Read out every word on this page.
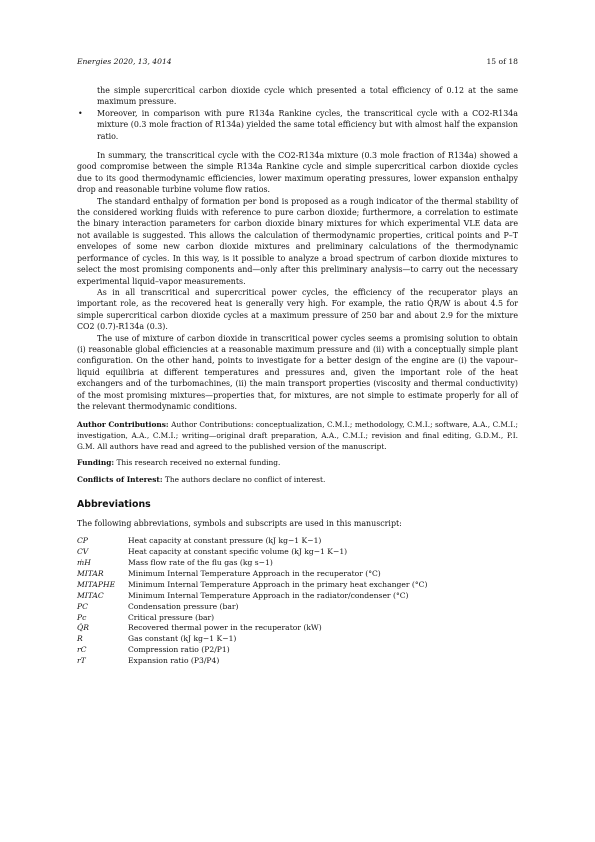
Energies 2020, 13, 4014	15 of 18

the simple supercritical carbon dioxide cycle which presented a total efficiency of 0.12 at the same maximum pressure.

• Moreover, in comparison with pure R134a Rankine cycles, the transcritical cycle with a CO2-R134a mixture (0.3 mole fraction of R134a) yielded the same total efficiency but with almost half the expansion ratio.

In summary, the transcritical cycle with the CO2-R134a mixture (0.3 mole fraction of R134a) showed a good compromise between the simple R134a Rankine cycle and simple supercritical carbon dioxide cycles due to its good thermodynamic efficiencies, lower maximum operating pressures, lower expansion enthalpy drop and reasonable turbine volume flow ratios.

The standard enthalpy of formation per bond is proposed as a rough indicator of the thermal stability of the considered working fluids with reference to pure carbon dioxide; furthermore, a correlation to estimate the binary interaction parameters for carbon dioxide binary mixtures for which experimental VLE data are not available is suggested. This allows the calculation of thermodynamic properties, critical points and P–T envelopes of some new carbon dioxide mixtures and preliminary calculations of the thermodynamic performance of cycles. In this way, is it possible to analyze a broad spectrum of carbon dioxide mixtures to select the most promising components and—only after this preliminary analysis—to carry out the necessary experimental liquid–vapor measurements.

As in all transcritical and supercritical power cycles, the efficiency of the recuperator plays an important role, as the recovered heat is generally very high. For example, the ratio Q̇R/W is about 4.5 for simple supercritical carbon dioxide cycles at a maximum pressure of 250 bar and about 2.9 for the mixture CO2 (0.7)-R134a (0.3).

The use of mixture of carbon dioxide in transcritical power cycles seems a promising solution to obtain (i) reasonable global efficiencies at a reasonable maximum pressure and (ii) with a conceptually simple plant configuration. On the other hand, points to investigate for a better design of the engine are (i) the vapour–liquid equilibria at different temperatures and pressures and, given the important role of the heat exchangers and of the turbomachines, (ii) the main transport properties (viscosity and thermal conductivity) of the most promising mixtures—properties that, for mixtures, are not simple to estimate properly for all of the relevant thermodynamic conditions.

Author Contributions: Author Contributions: conceptualization, C.M.I.; methodology, C.M.I.; software, A.A., C.M.I.; investigation, A.A., C.M.I.; writing—original draft preparation, A.A., C.M.I.; revision and final editing, G.D.M., P.I. G.M. All authors have read and agreed to the published version of the manuscript.

Funding: This research received no external funding.

Conflicts of Interest: The authors declare no conflict of interest.

Abbreviations

The following abbreviations, symbols and subscripts are used in this manuscript:

CP	Heat capacity at constant pressure (kJ kg−1 K−1)
CV	Heat capacity at constant specific volume (kJ kg−1 K−1)
ṁH	Mass flow rate of the flu gas (kg s−1)
MITAR	Minimum Internal Temperature Approach in the recuperator (°C)
MITAPHE	Minimum Internal Temperature Approach in the primary heat exchanger (°C)
MITAC	Minimum Internal Temperature Approach in the radiator/condenser (°C)
PC	Condensation pressure (bar)
Pc	Critical pressure (bar)
Q̇R	Recovered thermal power in the recuperator (kW)
R	Gas constant (kJ kg−1 K−1)
rC	Compression ratio (P2/P1)
rT	Expansion ratio (P3/P4)
